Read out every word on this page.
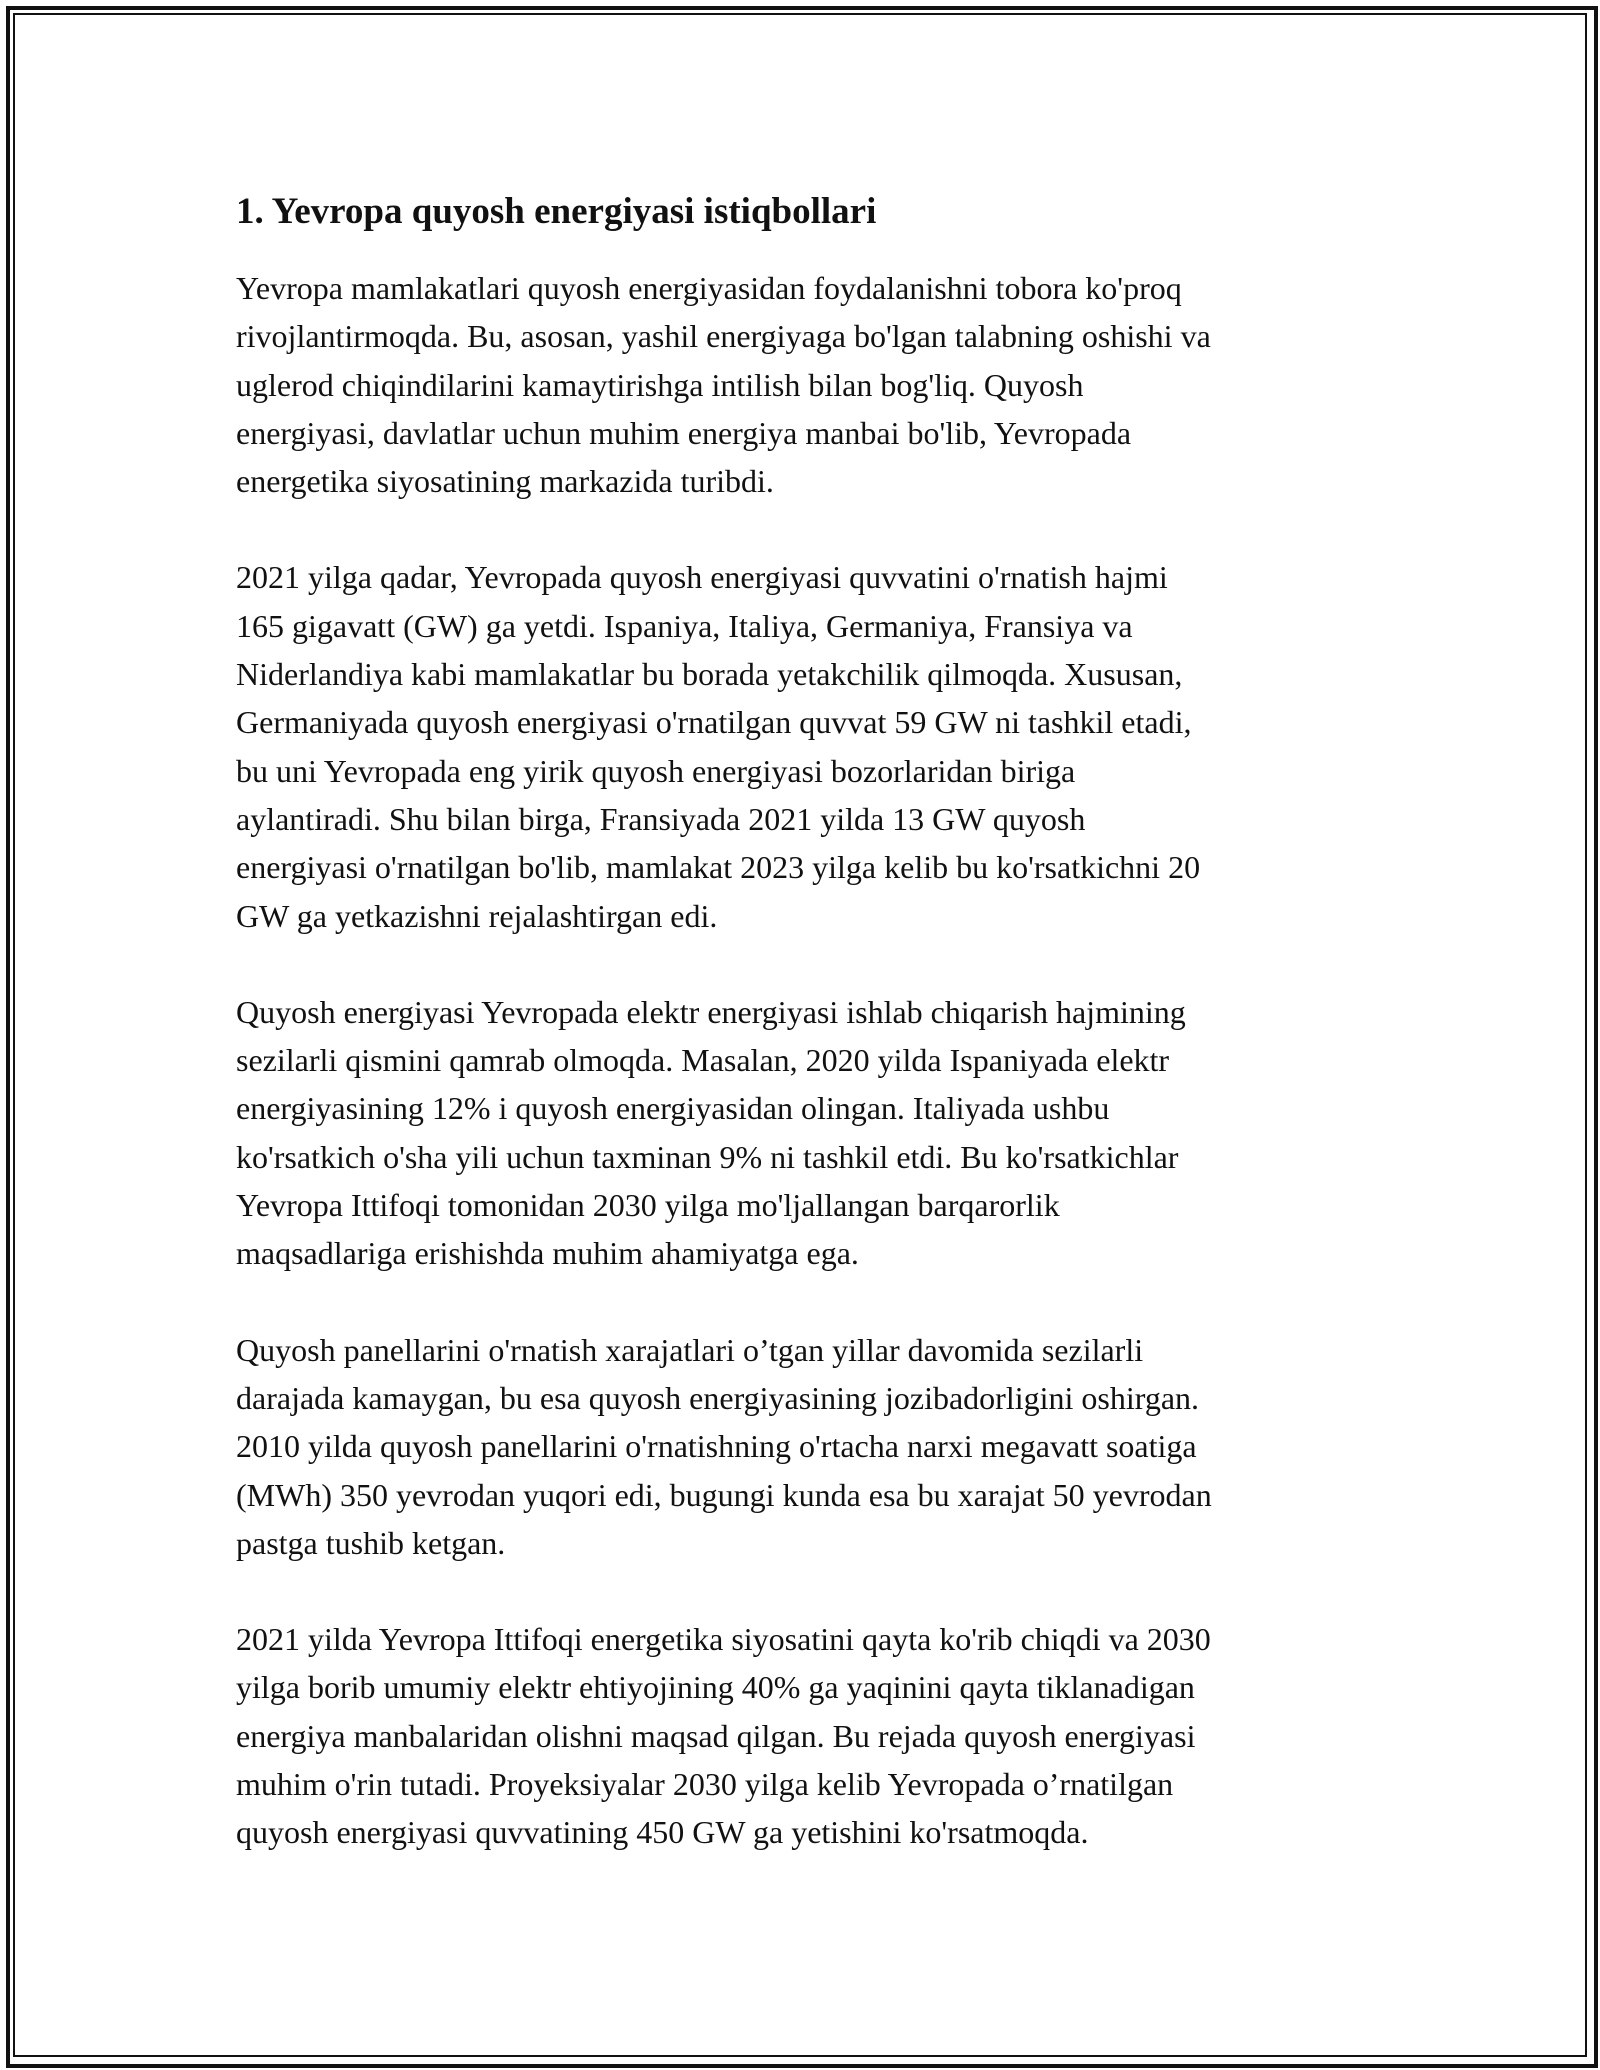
1. Yevropa quyosh energiyasi istiqbollari
Yevropa mamlakatlari quyosh energiyasidan foydalanishni tobora ko'proq
rivojlantirmoqda. Bu, asosan, yashil energiyaga bo'lgan talabning oshishi va
uglerod chiqindilarini kamaytirishga intilish bilan bog'liq. Quyosh
energiyasi, davlatlar uchun muhim energiya manbai bo'lib, Yevropada
energetika siyosatining markazida turibdi.
2021 yilga qadar, Yevropada quyosh energiyasi quvvatini o'rnatish hajmi
165 gigavatt (GW) ga yetdi. Ispaniya, Italiya, Germaniya, Fransiya va
Niderlandiya kabi mamlakatlar bu borada yetakchilik qilmoqda. Xususan,
Germaniyada quyosh energiyasi o'rnatilgan quvvat 59 GW ni tashkil etadi,
bu uni Yevropada eng yirik quyosh energiyasi bozorlaridan biriga
aylantiradi. Shu bilan birga, Fransiyada 2021 yilda 13 GW quyosh
energiyasi o'rnatilgan bo'lib, mamlakat 2023 yilga kelib bu ko'rsatkichni 20
GW ga yetkazishni rejalashtirgan edi.
Quyosh energiyasi Yevropada elektr energiyasi ishlab chiqarish hajmining
sezilarli qismini qamrab olmoqda. Masalan, 2020 yilda Ispaniyada elektr
energiyasining 12% i quyosh energiyasidan olingan. Italiyada ushbu
ko'rsatkich o'sha yili uchun taxminan 9% ni tashkil etdi. Bu ko'rsatkichlar
Yevropa Ittifoqi tomonidan 2030 yilga mo'ljallangan barqarorlik
maqsadlariga erishishda muhim ahamiyatga ega.
Quyosh panellarini o'rnatish xarajatlari o’tgan yillar davomida sezilarli
darajada kamaygan, bu esa quyosh energiyasining jozibadorligini oshirgan.
2010 yilda quyosh panellarini o'rnatishning o'rtacha narxi megavatt soatiga
(MWh) 350 yevrodan yuqori edi, bugungi kunda esa bu xarajat 50 yevrodan
pastga tushib ketgan.
2021 yilda Yevropa Ittifoqi energetika siyosatini qayta ko'rib chiqdi va 2030
yilga borib umumiy elektr ehtiyojining 40% ga yaqinini qayta tiklanadigan
energiya manbalaridan olishni maqsad qilgan. Bu rejada quyosh energiyasi
muhim o'rin tutadi. Proyeksiyalar 2030 yilga kelib Yevropada o’rnatilgan
quyosh energiyasi quvvatining 450 GW ga yetishini ko'rsatmoqda.
